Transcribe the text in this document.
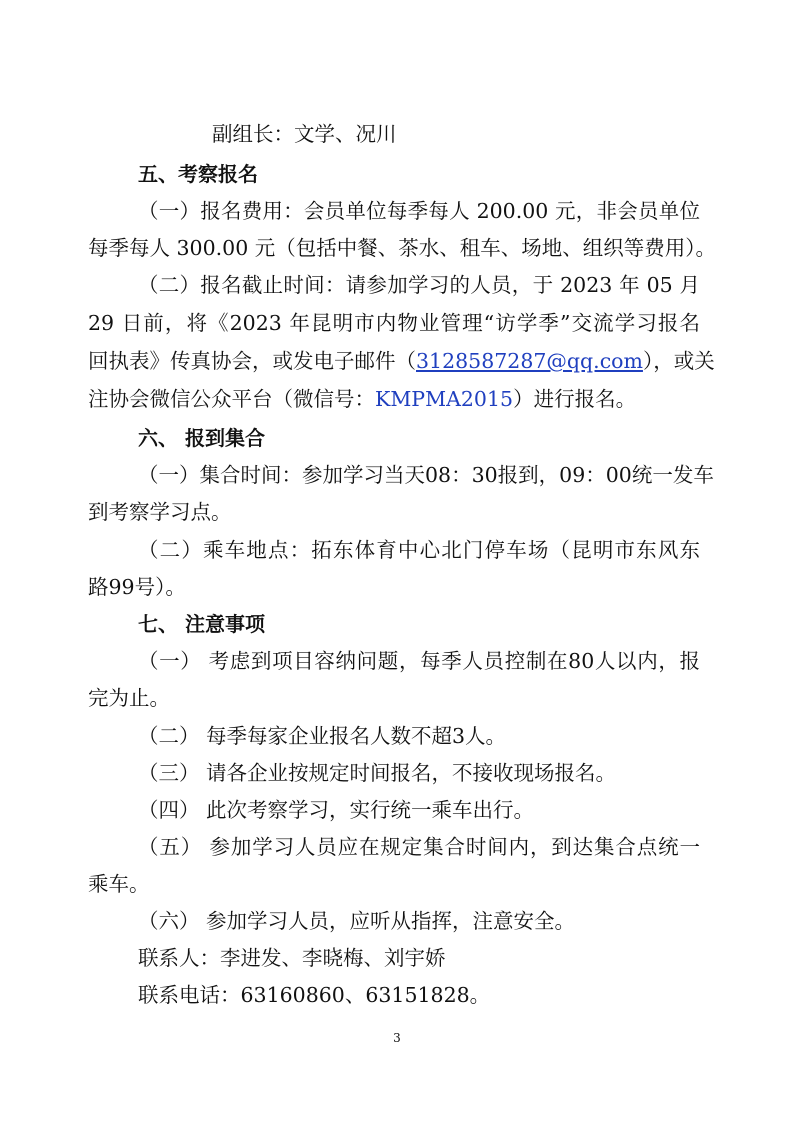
副组长：文学、况川
五、考察报名
（一）报名费用：会员单位每季每人 200.00 元，非会员单位
每季每人 300.00 元（包括中餐、茶水、租车、场地、组织等费用）。
（二）报名截止时间：请参加学习的人员，于 2023 年 05 月
29 日前，将《2023 年昆明市内物业管理“访学季”交流学习报名
回执表》传真协会，或发电子邮件（3128587287@qq.com），或关
注协会微信公众平台（微信号：KMPMA2015）进行报名。
六、 报到集合
（一）集合时间：参加学习当天08：30报到，09：00统一发车
到考察学习点。
（二）乘车地点：拓东体育中心北门停车场（昆明市东风东
路99号）。
七、 注意事项
（一） 考虑到项目容纳问题，每季人员控制在80人以内，报
完为止。
（二） 每季每家企业报名人数不超3人。
（三） 请各企业按规定时间报名，不接收现场报名。
（四） 此次考察学习，实行统一乘车出行。
（五） 参加学习人员应在规定集合时间内，到达集合点统一
乘车。
（六） 参加学习人员，应听从指挥，注意安全。
联系人：李进发、李晓梅、刘宇娇
联系电话：63160860、63151828。
3
